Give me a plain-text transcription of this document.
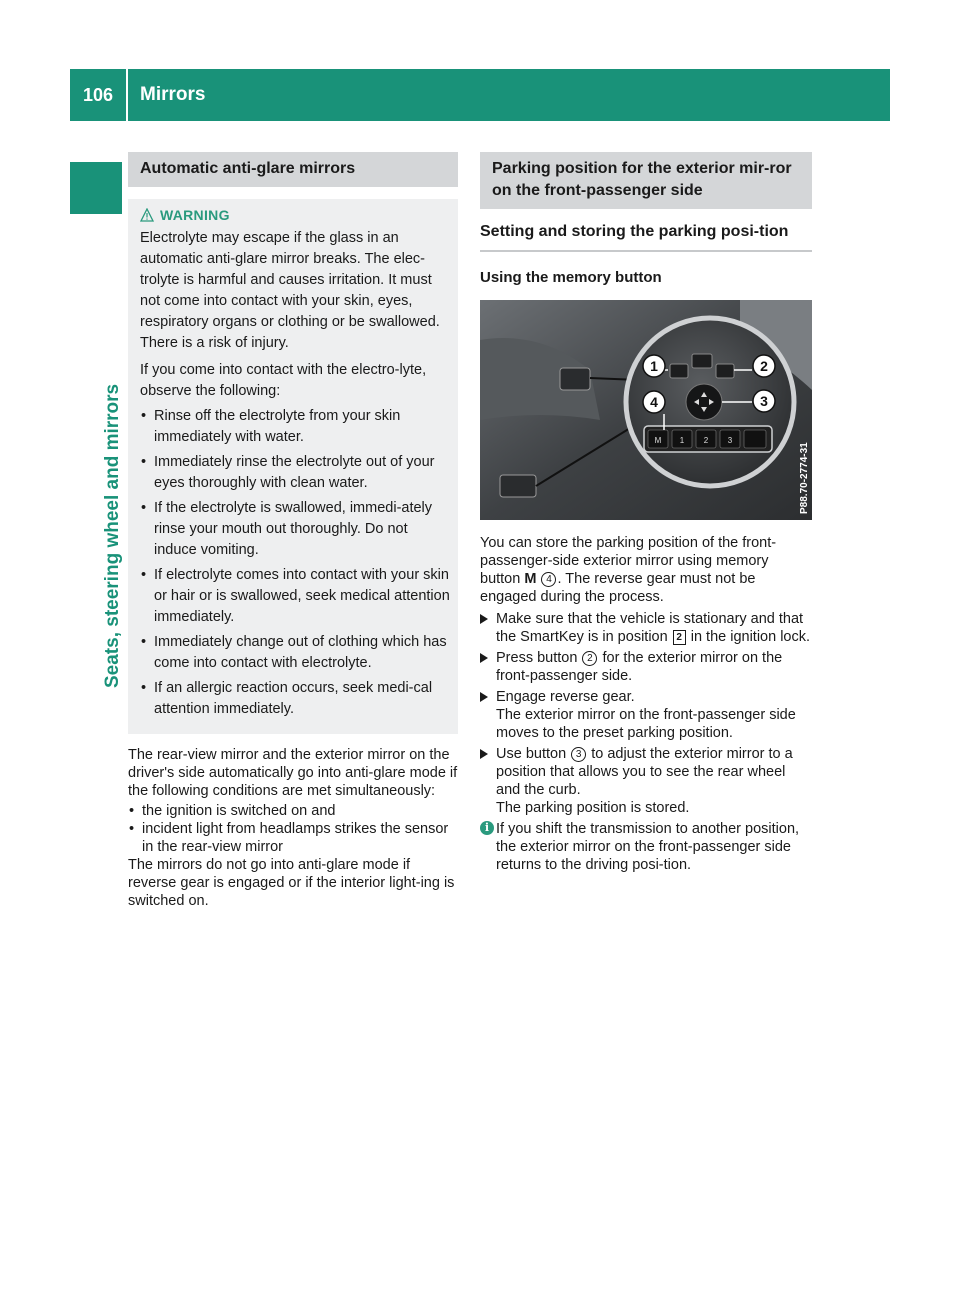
106	Mirrors
Seats, steering wheel and mirrors
Automatic anti-glare mirrors
WARNING

Electrolyte may escape if the glass in an automatic anti-glare mirror breaks. The elec-trolyte is harmful and causes irritation. It must not come into contact with your skin, eyes, respiratory organs or clothing or be swallowed. There is a risk of injury.

If you come into contact with the electro-lyte, observe the following:

• Rinse off the electrolyte from your skin immediately with water.
• Immediately rinse the electrolyte out of your eyes thoroughly with clean water.
• If the electrolyte is swallowed, immedi-ately rinse your mouth out thoroughly. Do not induce vomiting.
• If electrolyte comes into contact with your skin or hair or is swallowed, seek medical attention immediately.
• Immediately change out of clothing which has come into contact with electrolyte.
• If an allergic reaction occurs, seek medi-cal attention immediately.

The rear-view mirror and the exterior mirror on the driver's side automatically go into anti-glare mode if the following conditions are met simultaneously:

• the ignition is switched on and
• incident light from headlamps strikes the sensor in the rear-view mirror

The mirrors do not go into anti-glare mode if reverse gear is engaged or if the interior light-ing is switched on.

Parking position for the exterior mir-ror on the front-passenger side
Setting and storing the parking posi-tion
Using the memory button
M 1 2 3
1	2
3
4

You can store the parking position of the front-passenger-side exterior mirror using memory button M 4 . The reverse gear must not be engaged during the process.

Make sure that the vehicle is stationary and that the SmartKey is in position 2 in the ignition lock.
Press button 2 for the exterior mirror on the front-passenger side.
Engage reverse gear.
The exterior mirror on the front-passenger side moves to the preset parking position.
Use button 3 to adjust the exterior mirror to a position that allows you to see the rear wheel and the curb.
The parking position is stored.
i If you shift the transmission to another position, the exterior mirror on the front-passenger side returns to the driving posi-tion.
